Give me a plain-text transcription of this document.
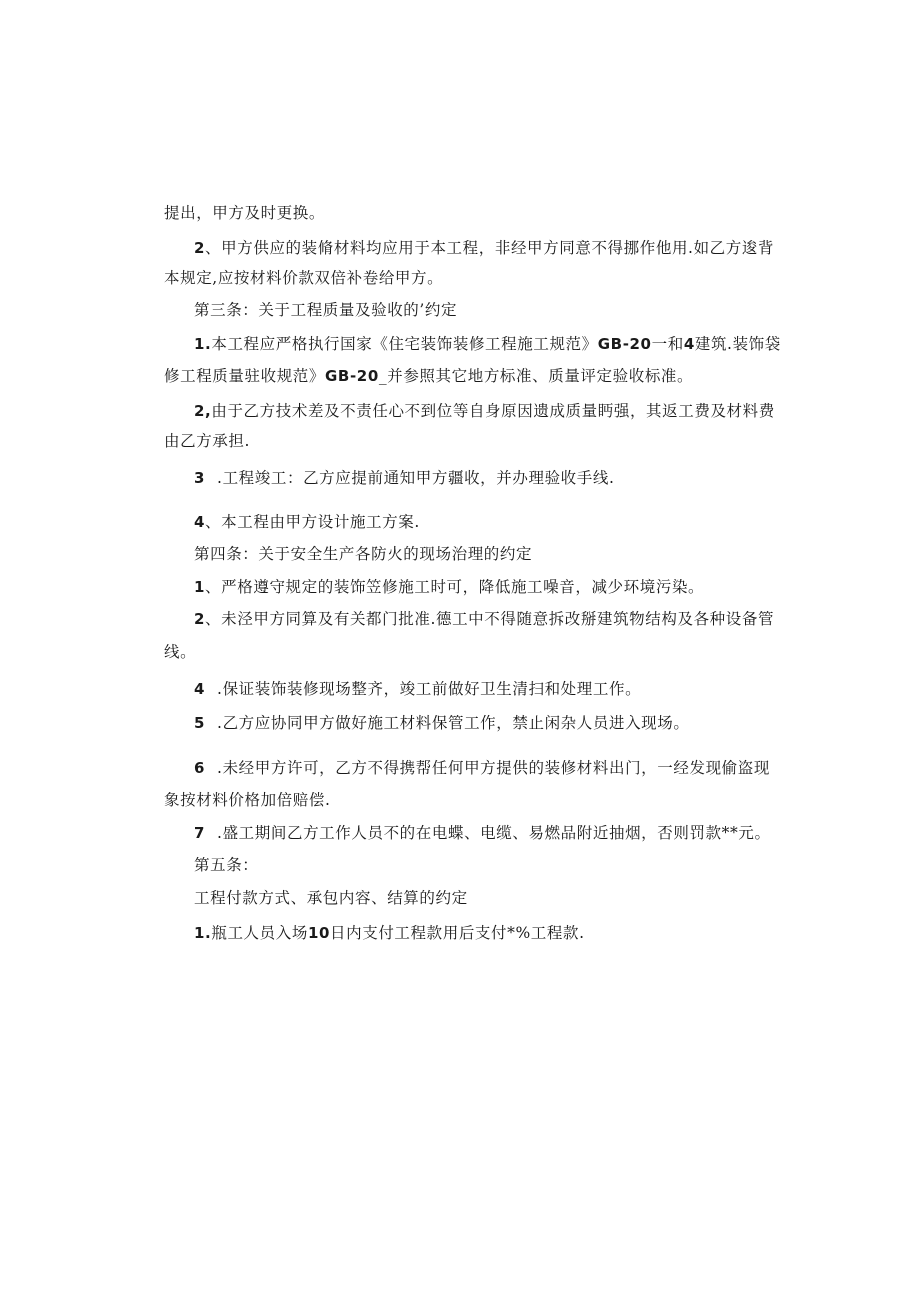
提出，甲方及时更换。
2、甲方供应的装脩材料均应用于本工程，非经甲方同意不得挪作他用.如乙方逡背
本规定,应按材料价款双倍补卷给甲方。
第三条：关于工程质量及验收的’约定
1.本工程应严格执行国家《住宅装饰装修工程施工规范》GB-20一和4建筑.装饰袋
修工程质量驻收规范》GB-20_并参照其它地方标准、质量评定验收标准。
2,由于乙方技术差及不责任心不到位等自身原因遗成质量眄强，其返工费及材料费
由乙方承担.
3 .工程竣工：乙方应提前通知甲方疆收，并办理验收手线.
4、本工程由甲方设计施工方案.
第四条：关于安全生产各防火的现场治理的约定
1、严格遵守规定的装饰笠修施工时可，降低施工噪音，减少环境污染。
2、未泾甲方同算及有关都门批准.德工中不得随意拆改掰建筑物结构及各种设备管
线。
4 .保证装饰装修现场整齐，竣工前做好卫生清扫和处理工作。
5 .乙方应协同甲方做好施工材料保管工作，禁止闲杂人员进入现场。
6 .未经甲方许可，乙方不得携帮任何甲方提供的装修材料出门，一经发现偷盗现
象按材料价格加倍赔偿.
7 .盛工期间乙方工作人员不的在电蝶、电缆、易燃品附近抽烟，否则罚款**元。
第五条：
工程付款方式、承包内容、结算的约定
1.瓶工人员入场10日内支付工程款用后支付*%工程款.
